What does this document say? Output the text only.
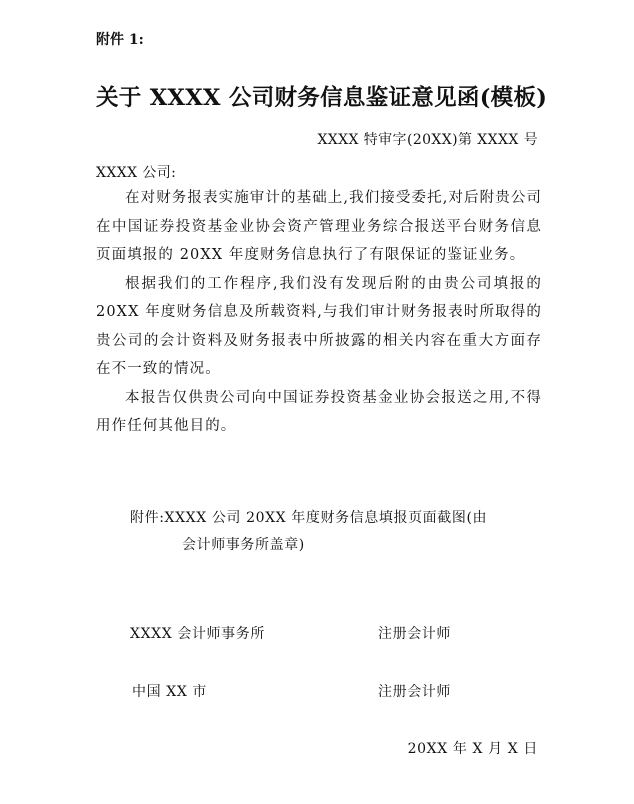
附件 1:
关于 XXXX 公司财务信息鉴证意见函(模板)
XXXX 特审字(20XX)第 XXXX 号
XXXX 公司:

在对财务报表实施审计的基础上,我们接受委托,对后附贵公司在中国证券投资基金业协会资产管理业务综合报送平台财务信息页面填报的 20XX 年度财务信息执行了有限保证的鉴证业务。

根据我们的工作程序,我们没有发现后附的由贵公司填报的 20XX 年度财务信息及所载资料,与我们审计财务报表时所取得的贵公司的会计资料及财务报表中所披露的相关内容在重大方面存在不一致的情况。

本报告仅供贵公司向中国证券投资基金业协会报送之用,不得用作任何其他目的。

附件:XXXX 公司 20XX 年度财务信息填报页面截图(由
会计师事务所盖章)
XXXX 会计师事务所	注册会计师
中国 XX 市	注册会计师
20XX 年 X 月 X 日
